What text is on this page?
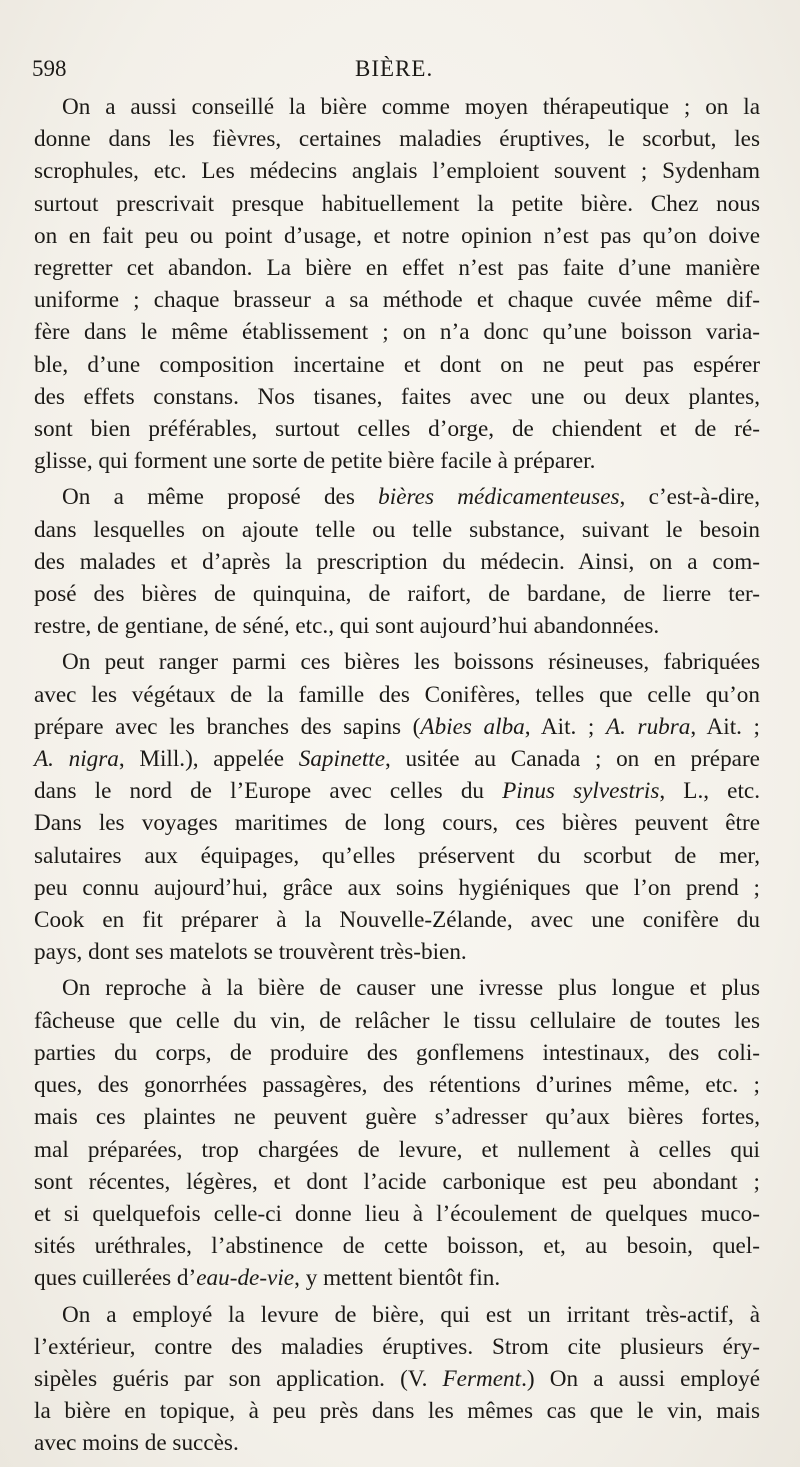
598	BIÈRE.
On a aussi conseillé la bière comme moyen thérapeutique ; on la
donne dans les fièvres, certaines maladies éruptives, le scorbut, les
scrophules, etc. Les médecins anglais l’emploient souvent ; Sydenham
surtout prescrivait presque habituellement la petite bière. Chez nous
on en fait peu ou point d’usage, et notre opinion n’est pas qu’on doive
regretter cet abandon. La bière en effet n’est pas faite d’une manière
uniforme ; chaque brasseur a sa méthode et chaque cuvée même dif-
fère dans le même établissement ; on n’a donc qu’une boisson varia-
ble, d’une composition incertaine et dont on ne peut pas espérer
des effets constans. Nos tisanes, faites avec une ou deux plantes,
sont bien préférables, surtout celles d’orge, de chiendent et de ré-
glisse, qui forment une sorte de petite bière facile à préparer.
On a même proposé des bières médicamenteuses, c’est-à-dire,
dans lesquelles on ajoute telle ou telle substance, suivant le besoin
des malades et d’après la prescription du médecin. Ainsi, on a com-
posé des bières de quinquina, de raifort, de bardane, de lierre ter-
restre, de gentiane, de séné, etc., qui sont aujourd’hui abandonnées.
On peut ranger parmi ces bières les boissons résineuses, fabriquées
avec les végétaux de la famille des Conifères, telles que celle qu’on
prépare avec les branches des sapins (Abies alba, Ait. ; A. rubra, Ait. ;
A. nigra, Mill.), appelée Sapinette, usitée au Canada ; on en prépare
dans le nord de l’Europe avec celles du Pinus sylvestris, L., etc.
Dans les voyages maritimes de long cours, ces bières peuvent être
salutaires aux équipages, qu’elles préservent du scorbut de mer,
peu connu aujourd’hui, grâce aux soins hygiéniques que l’on prend ;
Cook en fit préparer à la Nouvelle-Zélande, avec une conifère du
pays, dont ses matelots se trouvèrent très-bien.
On reproche à la bière de causer une ivresse plus longue et plus
fâcheuse que celle du vin, de relâcher le tissu cellulaire de toutes les
parties du corps, de produire des gonflemens intestinaux, des coli-
ques, des gonorrhées passagères, des rétentions d’urines même, etc. ;
mais ces plaintes ne peuvent guère s’adresser qu’aux bières fortes,
mal préparées, trop chargées de levure, et nullement à celles qui
sont récentes, légères, et dont l’acide carbonique est peu abondant ;
et si quelquefois celle-ci donne lieu à l’écoulement de quelques muco-
sités uréthrales, l’abstinence de cette boisson, et, au besoin, quel-
ques cuillerées d’eau-de-vie, y mettent bientôt fin.
On a employé la levure de bière, qui est un irritant très-actif, à
l’extérieur, contre des maladies éruptives. Strom cite plusieurs éry-
sipèles guéris par son application. (V. Ferment.) On a aussi employé
la bière en topique, à peu près dans les mêmes cas que le vin, mais
avec moins de succès.
